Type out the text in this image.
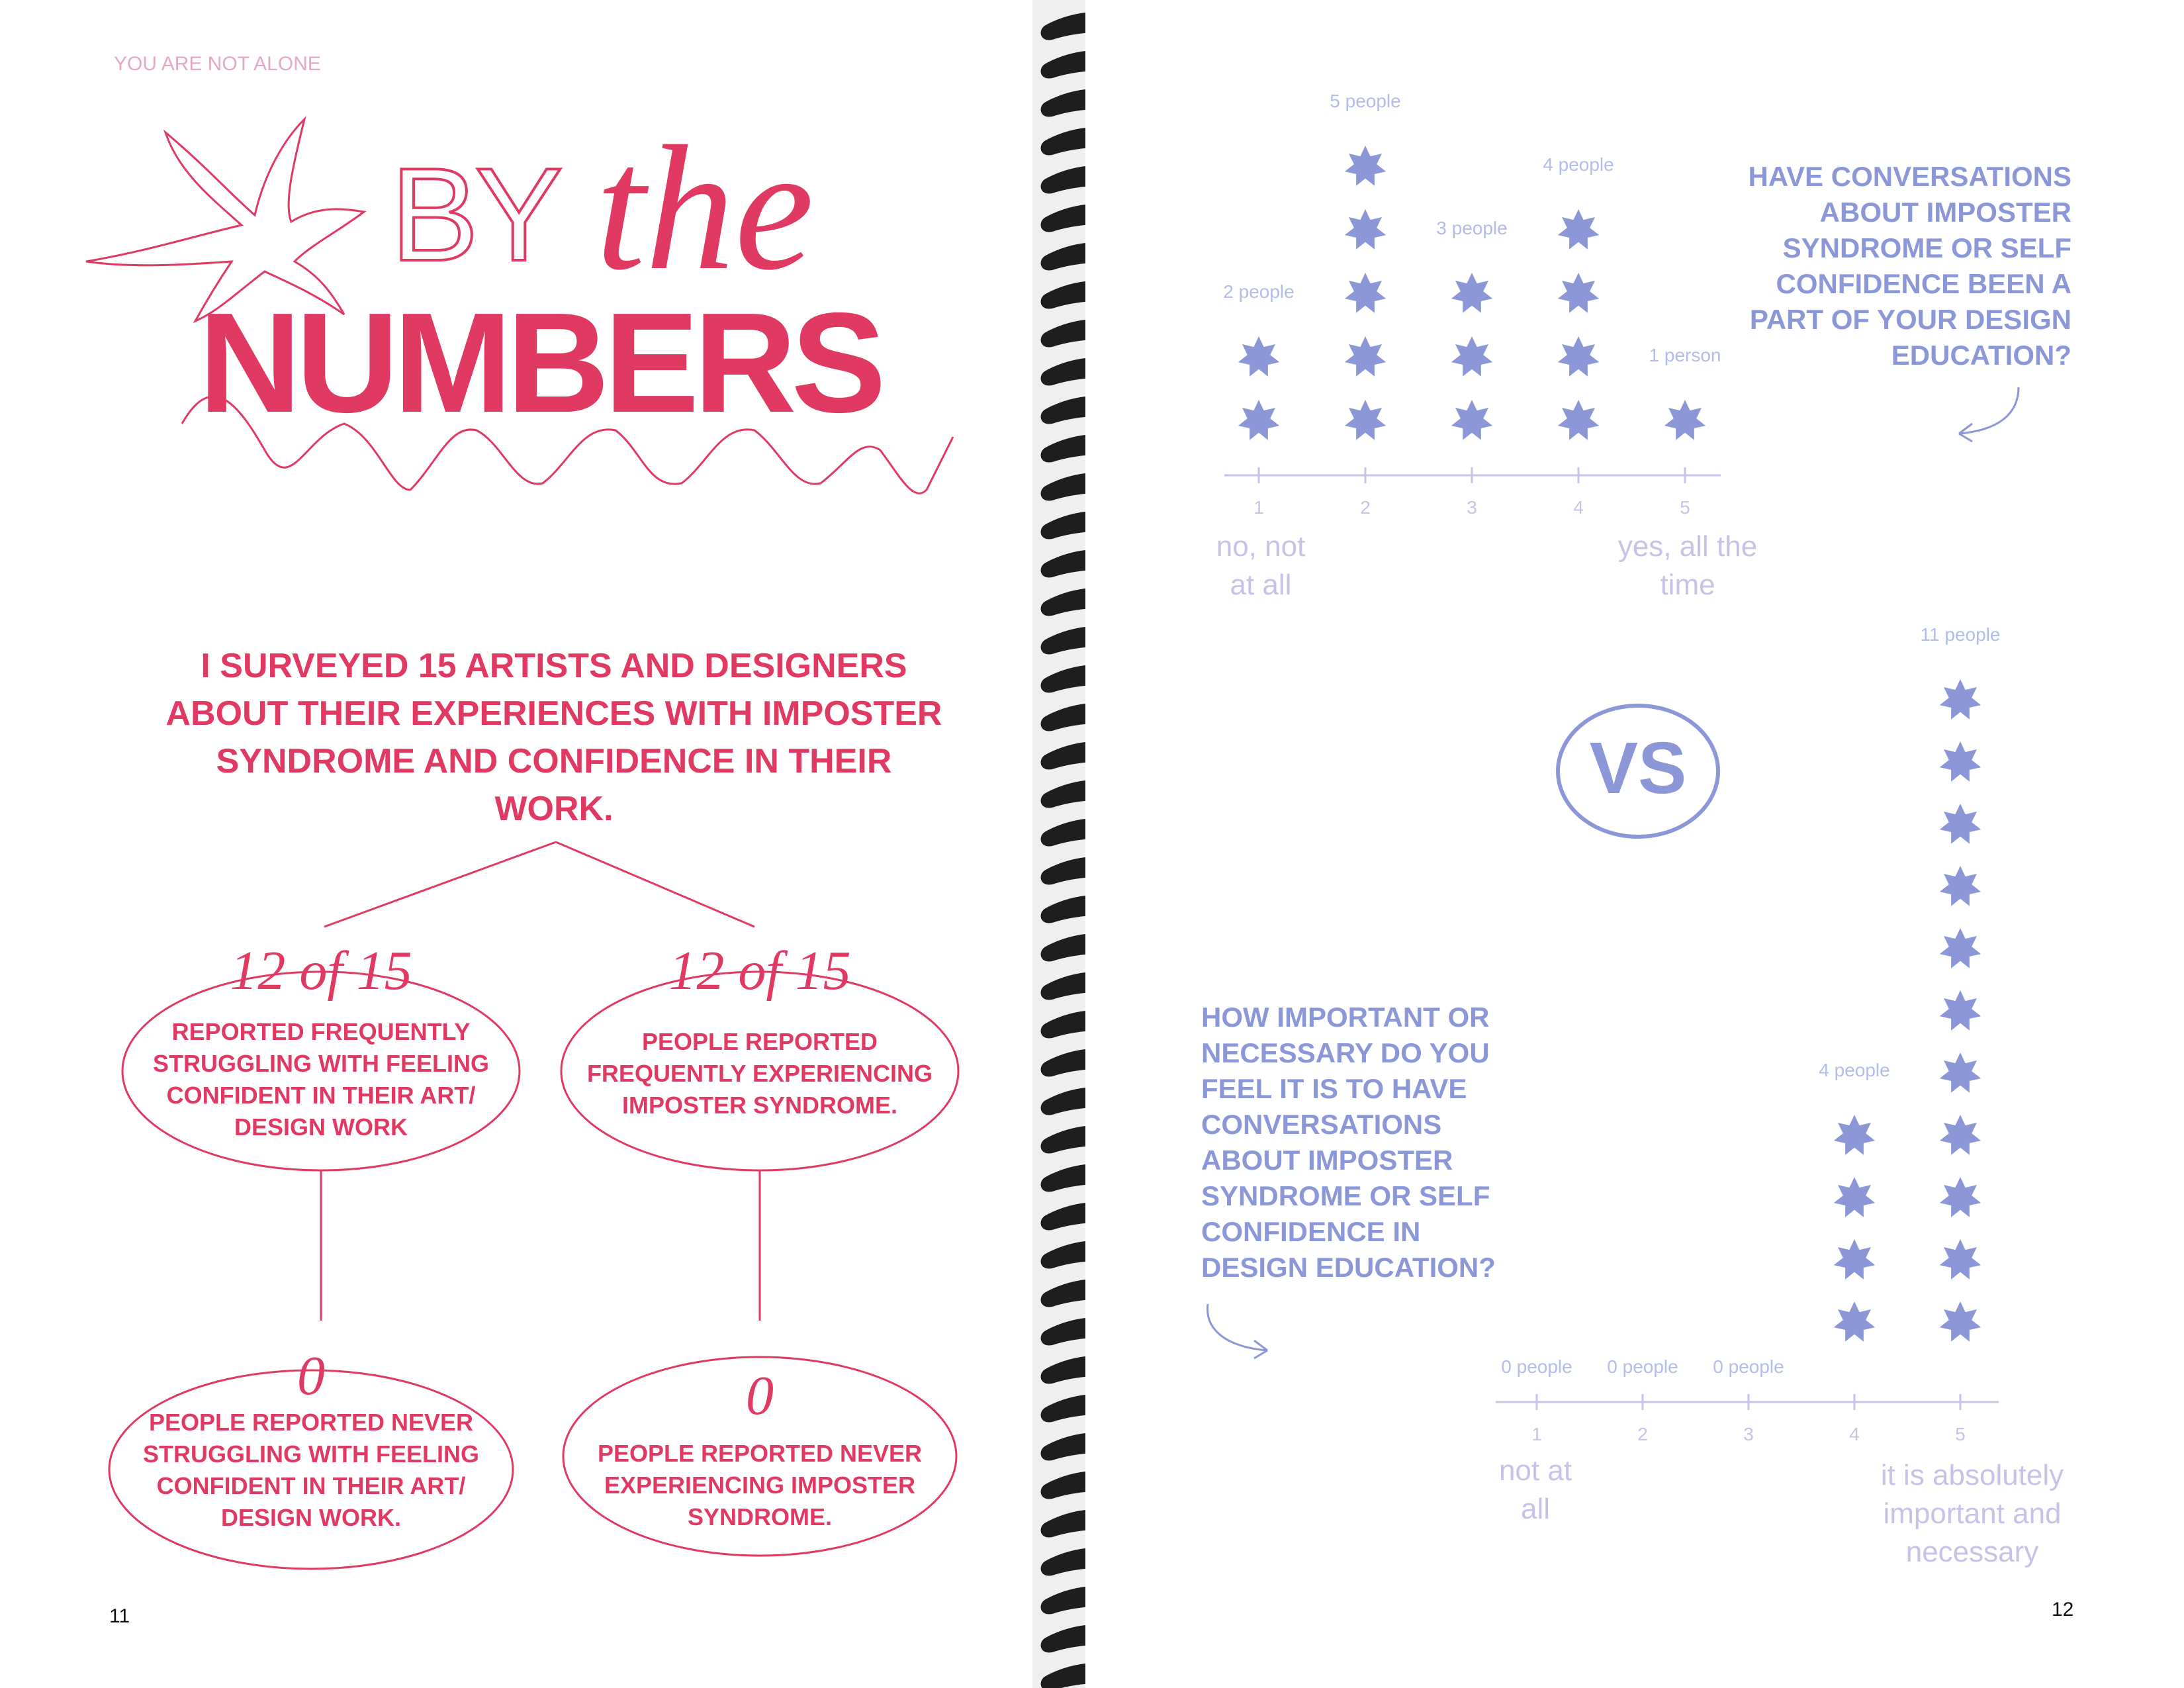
YOU ARE NOT ALONE
BY the
NUMBERS
I SURVEYED 15 ARTISTS AND DESIGNERS ABOUT THEIR EXPERIENCES WITH IMPOSTER SYNDROME AND CONFIDENCE IN THEIR WORK.
12 of 15
REPORTED FREQUENTLY STRUGGLING WITH FEELING CONFIDENT IN THEIR ART/ DESIGN WORK
12 of 15
PEOPLE REPORTED FREQUENTLY EXPERIENCING IMPOSTER SYNDROME.
0
PEOPLE REPORTED NEVER STRUGGLING WITH FEELING CONFIDENT IN THEIR ART/ DESIGN WORK.
0
PEOPLE REPORTED NEVER EXPERIENCING IMPOSTER SYNDROME.
11
HAVE CONVERSATIONS ABOUT IMPOSTER SYNDROME OR SELF CONFIDENCE BEEN A PART OF YOUR DESIGN EDUCATION?
VS
HOW IMPORTANT OR NECESSARY DO YOU FEEL IT IS TO HAVE CONVERSATIONS ABOUT IMPOSTER SYNDROME OR SELF CONFIDENCE IN DESIGN EDUCATION?
1
2 people
2
5 people
3
3 people
4
4 people
5
1 person
no, not at all
yes, all the time
1
0 people
2
0 people
3
0 people
4
4 people
5
11 people
not at all
it is absolutely important and necessary
12
